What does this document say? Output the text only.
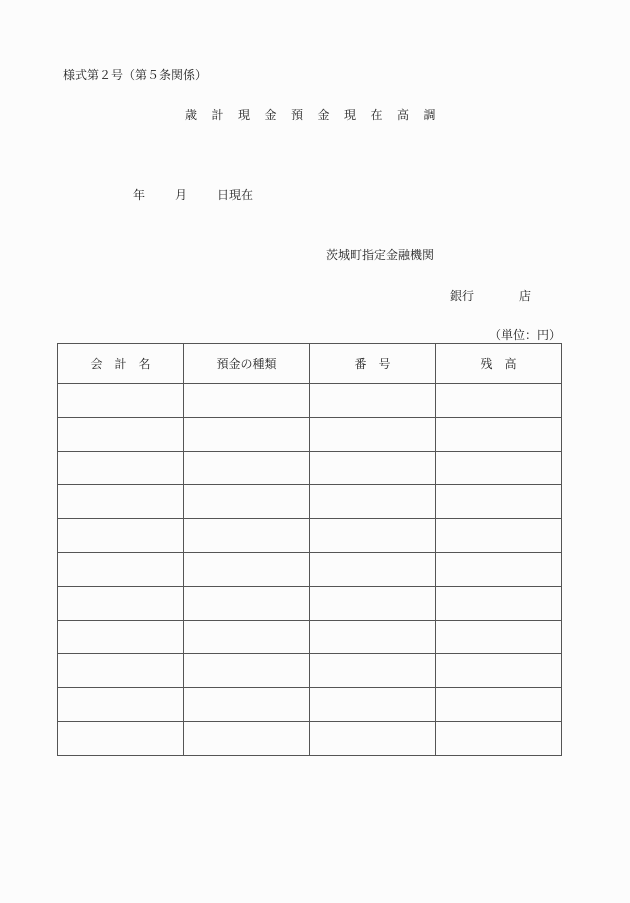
様式第２号（第５条関係）
歳 計 現 金 預 金 現 在 高 調
年 月 日現在
茨城町指定金融機関
銀行	店
（単位：円）
会　計　名	預金の種類	番　号	残　高
